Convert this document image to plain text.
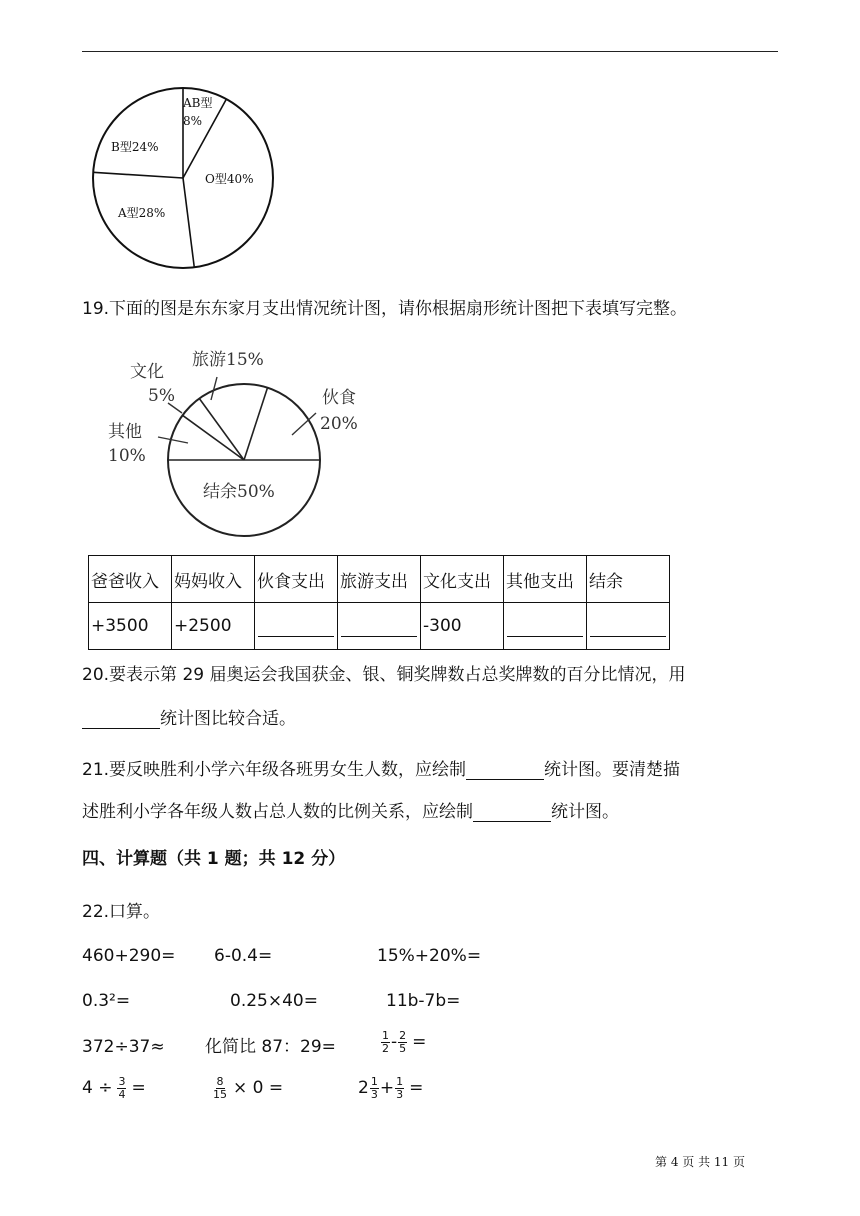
AB型
8%
O型40%
A型28%
B型24%
19.下面的图是东东家月支出情况统计图，请你根据扇形统计图把下表填写完整。
旅游15%
伙食
20%
结余50%
其他
10%
文化
5%
爸爸收入	妈妈收入	伙食支出	旅游支出	文化支出	其他支出	结余
+3500	+2500			-300	

20.要表示第 29 届奥运会我国获金、银、铜奖牌数占总奖牌数的百分比情况，用
统计图比较合适。
21.要反映胜利小学六年级各班男女生人数，应绘制	统计图。要清楚描
述胜利小学各年级人数占总人数的比例关系，应绘制	统计图。
四、计算题（共 1 题；共 12 分）
22.口算。
460+290= 6-0.4=	15%+20%=
0.3²=	0.25×40=	11b-7b=
372÷37≈ 化简比 87：29=	$\frac{1}{2} - \frac{2}{5}$ =
$4 \div \frac{3}{4}$ =	$\frac{8}{15} \times 0$ =	$2 \frac{1}{3} + \frac{1}{3}$ =
第 4 页 共 11 页
